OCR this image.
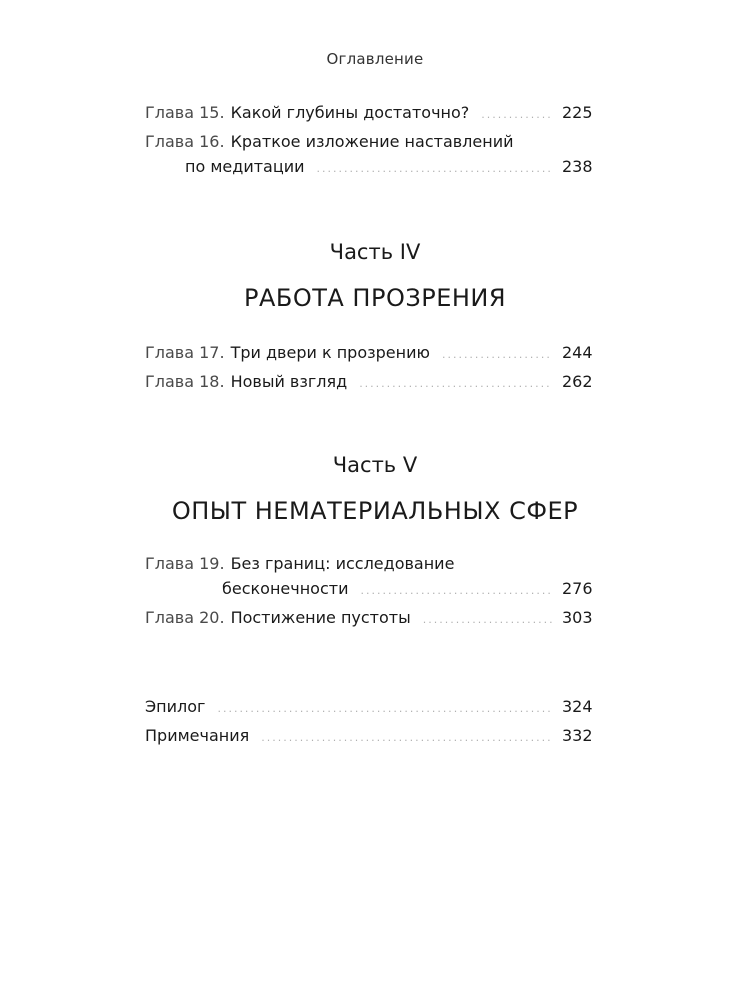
Оглавление
Глава 15. Какой глубины достаточно? .....	225
Глава 16. Краткое изложение наставлений
по медитации .....	238
Часть IV
РАБОТА ПРОЗРЕНИЯ
Глава 17. Три двери к прозрению .....	244
Глава 18. Новый взгляд .....	262
Часть V
ОПЫТ НЕМАТЕРИАЛЬНЫХ СФЕР
Глава 19. Без границ: исследование
бесконечности .....	276
Глава 20. Постижение пустоты .....	303
Эпилог .....	324
Примечания .....	332
